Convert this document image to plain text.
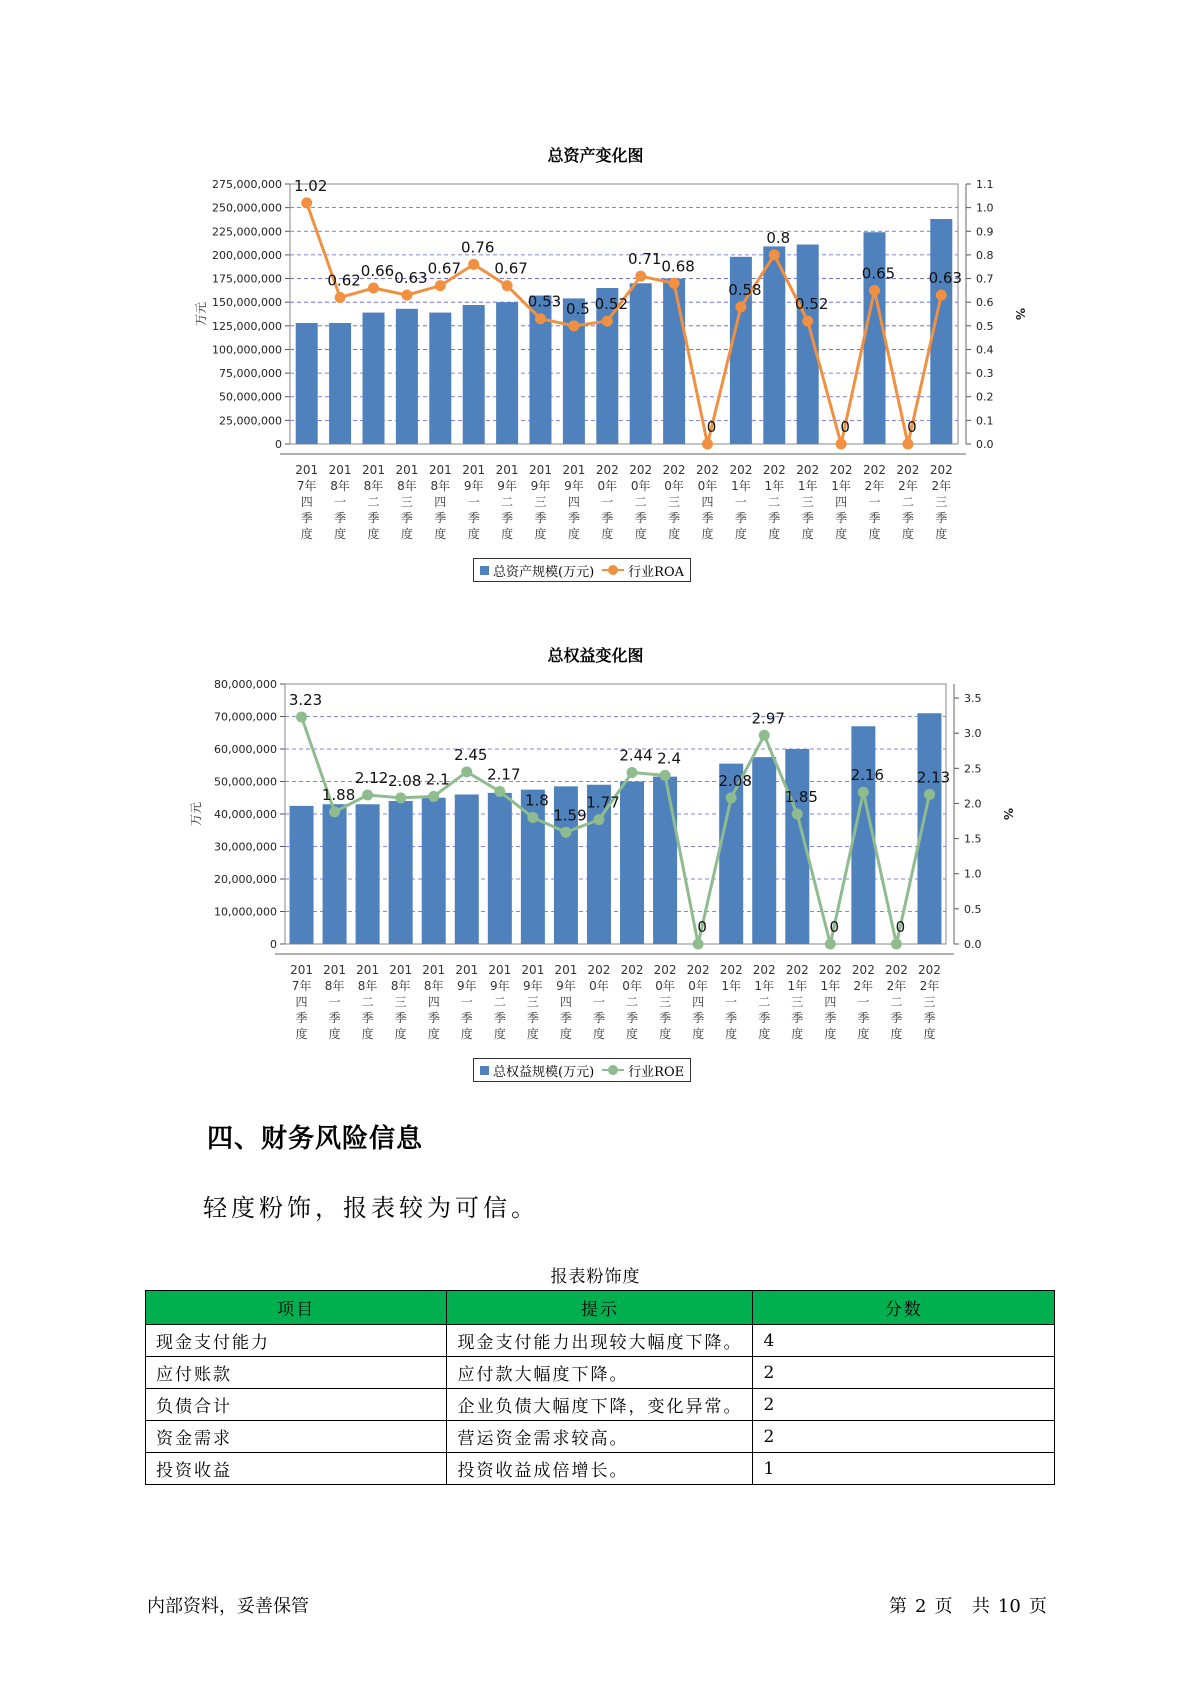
总资产变化图
0
25,000,000
50,000,000
75,000,000
100,000,000
125,000,000
150,000,000
175,000,000
200,000,000
225,000,000
250,000,000
275,000,000
0.0
0.1
0.2
0.3
0.4
0.5
0.6
0.7
0.8
0.9
1.0
1.1
万元	%
201 7年四季度
201 8年一季度
201 8年二季度
201 8年三季度
201 8年四季度
201 9年一季度
201 9年二季度
201 9年三季度
201 9年四季度
202 0年一季度
202 0年二季度
202 0年三季度
202 0年四季度
202 1年一季度
202 1年二季度
202 1年三季度
202 1年四季度
202 2年一季度
202 2年二季度
202 2年三季度
1.02
0.62
0.66 0.63
0.67
0.76
0.67
0.53 0.5 0.52
0.71 0.68
0
0.58
0.8
0.52
0
0.65
0
0.63
总资产规模(万元)	行业ROA
总权益变化图
0
10,000,000
20,000,000
30,000,000
40,000,000
50,000,000
60,000,000
70,000,000
80,000,000
0.0
0.5
1.0
1.5
2.0
2.5
3.0
3.5
万元	%
201 7年四季度
201 8年一季度
201 8年二季度
201 8年三季度
201 8年四季度
201 9年一季度
201 9年二季度
201 9年三季度
201 9年四季度
202 0年一季度
202 0年二季度
202 0年三季度
202 0年四季度
202 1年一季度
202 1年二季度
202 1年三季度
202 1年四季度
202 2年一季度
202 2年二季度
202 2年三季度
3.23
1.88
2.12 2.08 2.1
2.45
2.17
1.8
1.59
1.77
2.44 2.4
0
2.08
2.97
1.85
0
2.16
0
2.13
总权益规模(万元)	行业ROE
四、财务风险信息
轻度粉饰，报表较为可信。
报表粉饰度
项目	提示	分数
现金支付能力	现金支付能力出现较大幅度下降。	4
应付账款	应付款大幅度下降。	2
负债合计	企业负债大幅度下降，变化异常。	2
资金需求	营运资金需求较高。	2
投资收益	投资收益成倍增长。	1
内部资料，妥善保管	第 2 页 共 10 页
